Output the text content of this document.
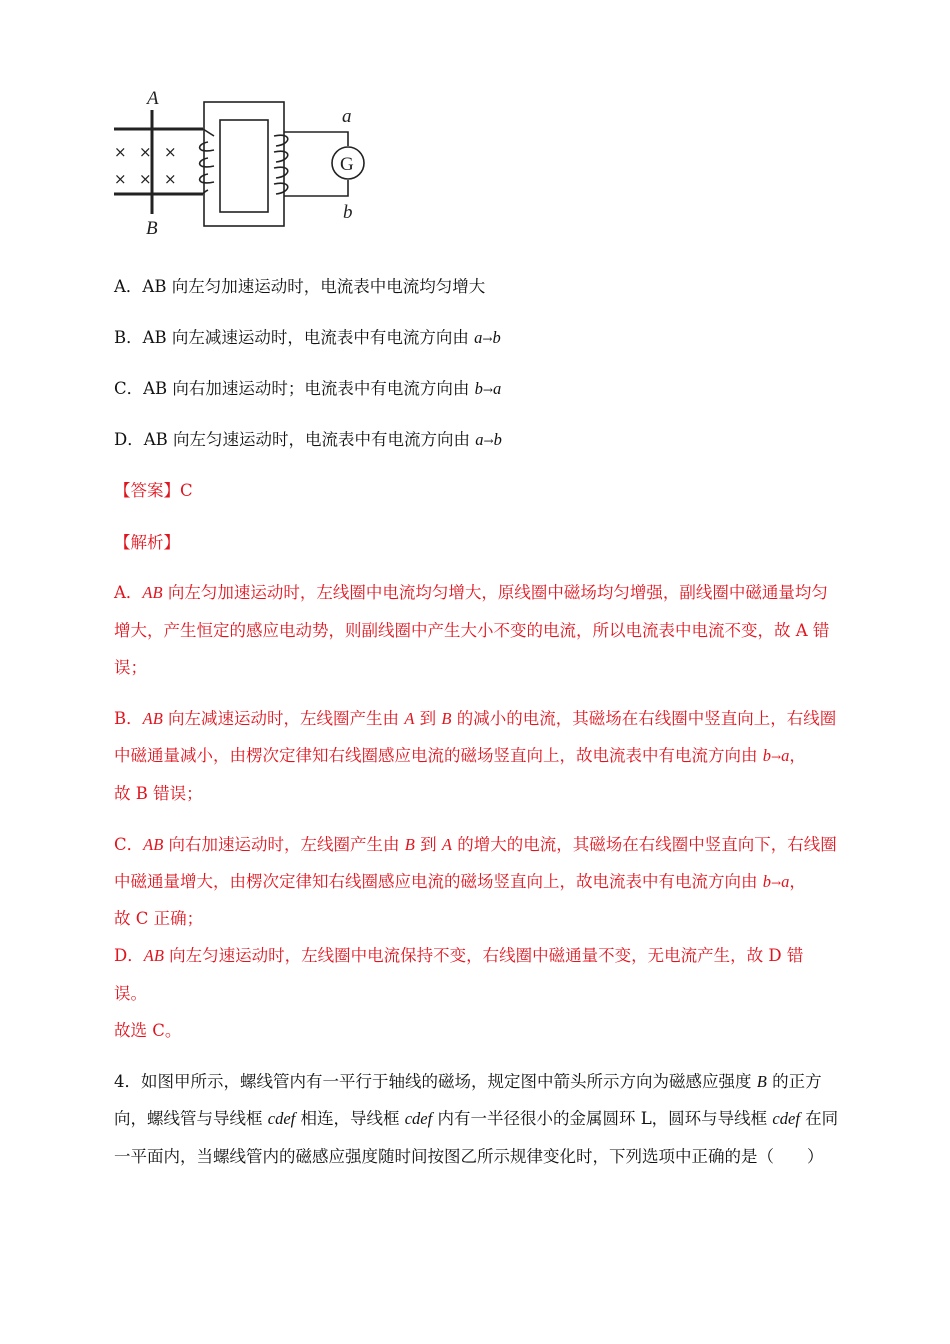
A
B
× × ×
× × ×
G
a
b
A．AB 向左匀加速运动时，电流表中电流均匀增大
B．AB 向左减速运动时，电流表中有电流方向由 a→b
C．AB 向右加速运动时；电流表中有电流方向由 b→a
D．AB 向左匀速运动时，电流表中有电流方向由 a→b
【答案】C
【解析】
A．AB 向左匀加速运动时，左线圈中电流均匀增大，原线圈中磁场均匀增强，副线圈中磁通量均匀
增大，产生恒定的感应电动势，则副线圈中产生大小不变的电流，所以电流表中电流不变，故 A 错
误；
B．AB 向左减速运动时，左线圈产生由 A 到 B 的减小的电流，其磁场在右线圈中竖直向上，右线圈
中磁通量减小，由楞次定律知右线圈感应电流的磁场竖直向上，故电流表中有电流方向由 b→a，
故 B 错误；
C．AB 向右加速运动时，左线圈产生由 B 到 A 的增大的电流，其磁场在右线圈中竖直向下，右线圈
中磁通量增大，由楞次定律知右线圈感应电流的磁场竖直向上，故电流表中有电流方向由 b→a，
故 C 正确；
D．AB 向左匀速运动时，左线圈中电流保持不变，右线圈中磁通量不变，无电流产生，故 D 错
误。
故选 C。
4．如图甲所示，螺线管内有一平行于轴线的磁场，规定图中箭头所示方向为磁感应强度 B 的正方
向，螺线管与导线框 cdef 相连，导线框 cdef 内有一半径很小的金属圆环 L，圆环与导线框 cdef 在同
一平面内，当螺线管内的磁感应强度随时间按图乙所示规律变化时，下列选项中正确的是（　　）
